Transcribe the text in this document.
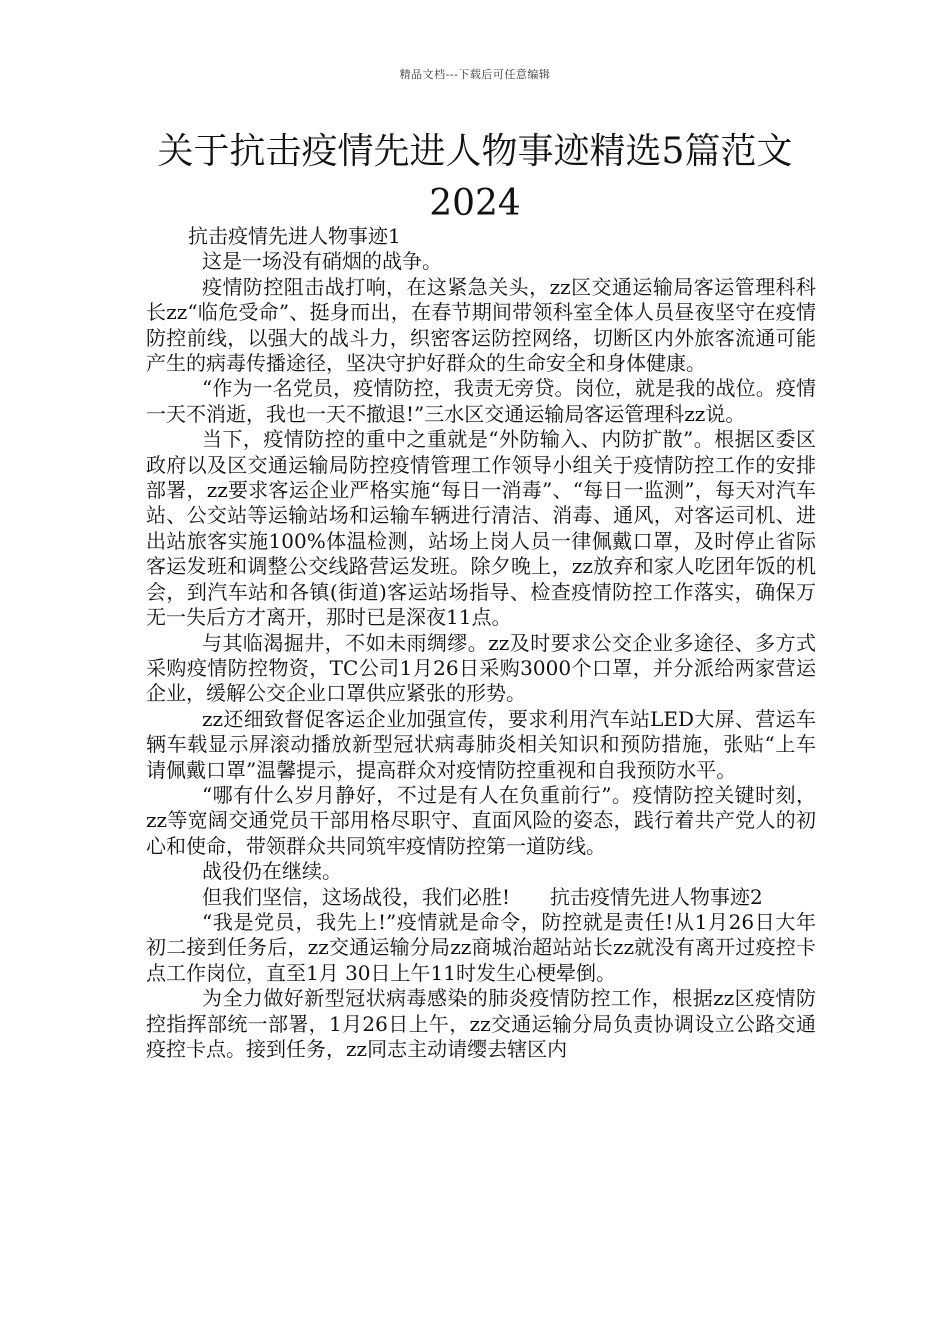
精品文档---下载后可任意编辑
关于抗击疫情先进人物事迹精选5篇范文
2024

抗击疫情先进人物事迹1

这是一场没有硝烟的战争。

疫情防控阻击战打响，在这紧急关头，zz区交通运输局客运管理科科长zz“临危受命”、挺身而出，在春节期间带领科室全体人员昼夜坚守在疫情防控前线，以强大的战斗力，织密客运防控网络，切断区内外旅客流通可能产生的病毒传播途径，坚决守护好群众的生命安全和身体健康。

“作为一名党员，疫情防控，我责无旁贷。岗位，就是我的战位。疫情一天不消逝，我也一天不撤退!”三水区交通运输局客运管理科zz说。

当下，疫情防控的重中之重就是“外防输入、内防扩散”。根据区委区政府以及区交通运输局防控疫情管理工作领导小组关于疫情防控工作的安排部署，zz要求客运企业严格实施“每日一消毒”、“每日一监测”，每天对汽车站、公交站等运输站场和运输车辆进行清洁、消毒、通风，对客运司机、进出站旅客实施100%体温检测，站场上岗人员一律佩戴口罩，及时停止省际客运发班和调整公交线路营运发班。除夕晚上，zz放弃和家人吃团年饭的机会，到汽车站和各镇(街道)客运站场指导、检查疫情防控工作落实，确保万无一失后方才离开，那时已是深夜11点。

与其临渴掘井，不如未雨绸缪。zz及时要求公交企业多途径、多方式采购疫情防控物资，TC公司1月26日采购3000个口罩，并分派给两家营运企业，缓解公交企业口罩供应紧张的形势。

zz还细致督促客运企业加强宣传，要求利用汽车站LED大屏、营运车辆车载显示屏滚动播放新型冠状病毒肺炎相关知识和预防措施，张贴“上车请佩戴口罩”温馨提示，提高群众对疫情防控重视和自我预防水平。

“哪有什么岁月静好，不过是有人在负重前行”。疫情防控关键时刻，zz等宽阔交通党员干部用格尽职守、直面风险的姿态，践行着共产党人的初心和使命，带领群众共同筑牢疫情防控第一道防线。

战役仍在继续。

但我们坚信，这场战役，我们必胜!　　抗击疫情先进人物事迹2

“我是党员，我先上!”疫情就是命令，防控就是责任!从1月26日大年初二接到任务后，zz交通运输分局zz商城治超站站长zz就没有离开过疫控卡点工作岗位，直至1月 30日上午11时发生心梗晕倒。

为全力做好新型冠状病毒感染的肺炎疫情防控工作，根据zz区疫情防控指挥部统一部署，1月26日上午，zz交通运输分局负责协调设立公路交通疫控卡点。接到任务，zz同志主动请缨去辖区内
